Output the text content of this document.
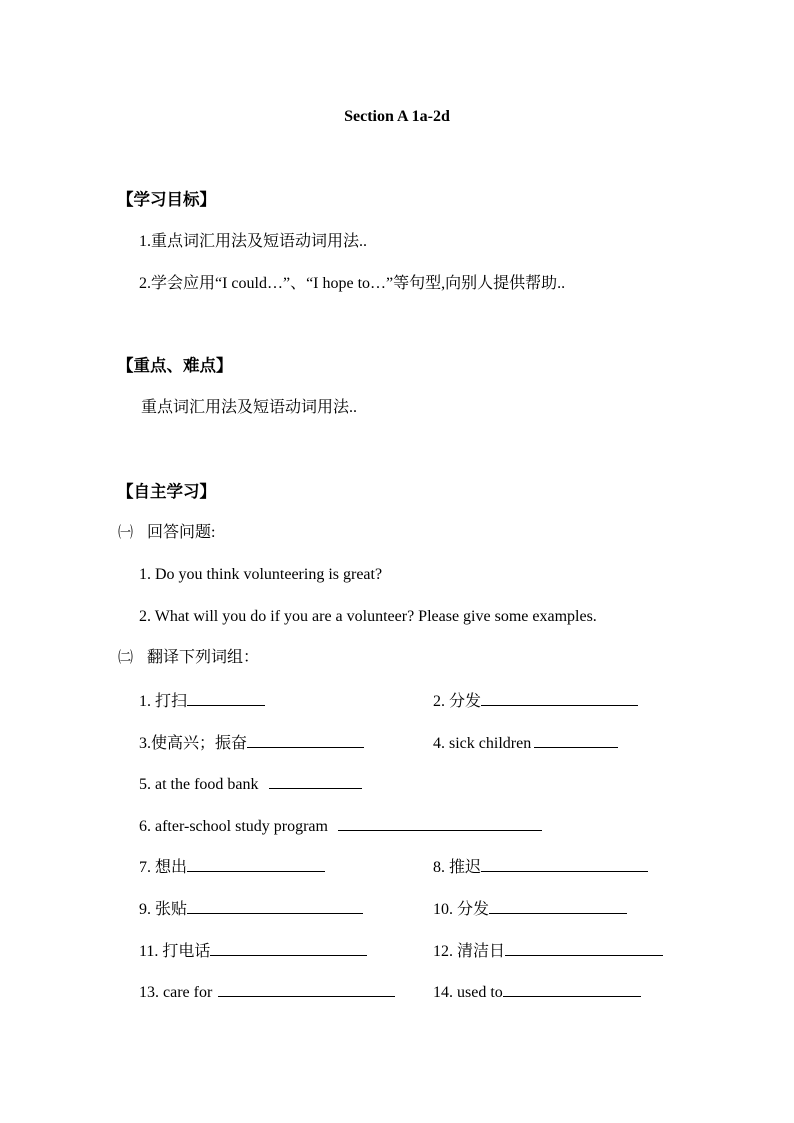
Section A 1a-2d
【学习目标】
1.重点词汇用法及短语动词用法..
2.学会应用“I could…”、“I hope to…”等句型,向别人提供帮助..
【重点、难点】
重点词汇用法及短语动词用法..
【自主学习】
㈠ 回答问题:
1. Do you think volunteering is great?
2. What will you do if you are a volunteer? Please give some examples.
㈡ 翻译下列词组：
1. 打扫	2. 分发
3.使高兴；振奋	4. sick children
5. at the food bank
6. after-school study program
7. 想出	8. 推迟
9. 张贴	10. 分发
11. 打电话	12. 清洁日
13. care for	14. used to
